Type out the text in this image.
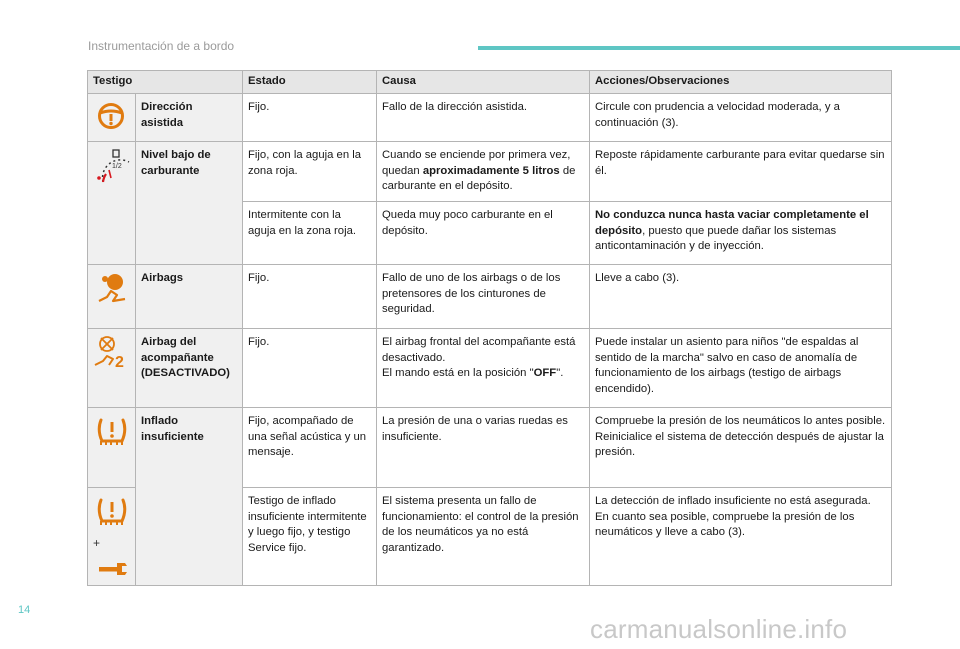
Instrumentación de a bordo
Testigo		Estado	Causa	Acciones/Observaciones

	Dirección asistida	Fijo.	Fallo de la dirección asistida.	Circule con prudencia a velocidad moderada, y a continuación (3).

1/2	Nivel bajo de carburante	Fijo, con la aguja en la zona roja.	Cuando se enciende por primera vez, quedan aproximadamente 5 litros de carburante en el depósito.	Reposte rápidamente carburante para evitar quedarse sin él.
		Intermitente con la aguja en la zona roja.	Queda muy poco carburante en el depósito.	No conduzca nunca hasta vaciar completamente el depósito, puesto que puede dañar los sistemas anticontaminación y de inyección.

	Airbags	Fijo.	Fallo de uno de los airbags o de los pretensores de los cinturones de seguridad.	Lleve a cabo (3).

2	Airbag del acompañante (DESACTIVADO)	Fijo.	El airbag frontal del acompañante está desactivado.
El mando está en la posición "OFF".	Puede instalar un asiento para niños "de espaldas al sentido de la marcha" salvo en caso de anomalía de funcionamiento de los airbags (testigo de airbags encendido).

	Inflado insuficiente	Fijo, acompañado de una señal acústica y un mensaje.	La presión de una o varias ruedas es insuficiente.	Compruebe la presión de los neumáticos lo antes posible.
Reinicialice el sistema de detección después de ajustar la presión.

+		Testigo de inflado insuficiente intermitente y luego fijo, y testigo Service fijo.	El sistema presenta un fallo de funcionamiento: el control de la presión de los neumáticos ya no está garantizado.	La detección de inflado insuficiente no está asegurada. En cuanto sea posible, compruebe la presión de los neumáticos y lleve a cabo (3).
14
carmanualsonline.info
